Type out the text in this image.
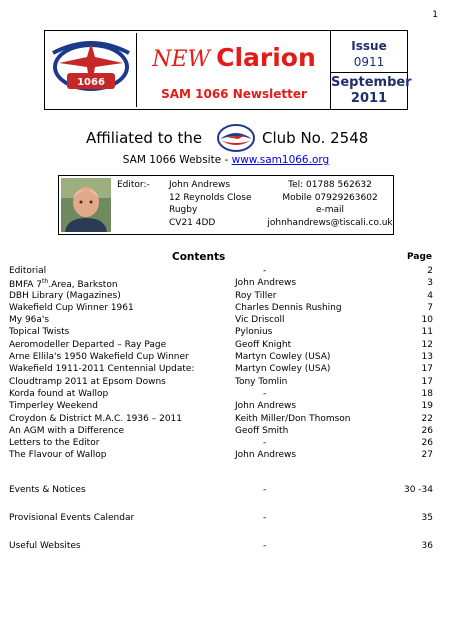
1
1066
NEW Clarion
SAM 1066 Newsletter
Issue
0911
September
2011
Affiliated to the	Club No. 2548
SAM 1066 Website - www.sam1066.org
Editor:- John Andrews
12 Reynolds Close
Rugby
CV21 4DD
Tel: 01788 562632
Mobile 07929263602
e-mail
johnhandrews@tiscali.co.uk
Contents	Page
Editorial	-	2
BMFA 7th.Area, Barkston	John Andrews	3
DBH Library (Magazines)	Roy Tiller	4
Wakefield Cup Winner 1961	Charles Dennis Rushing	7
My 96a's	Vic Driscoll	10
Topical Twists	Pylonius	11
Aeromodeller Departed – Ray Page	Geoff Knight	12
Arne Ellila's 1950 Wakefield Cup Winner	Martyn Cowley (USA)	13
Wakefield 1911-2011 Centennial Update:	Martyn Cowley (USA)	17
Cloudtramp 2011 at Epsom Downs	Tony Tomlin	17
Korda found at Wallop	-	18
Timperley Weekend	John Andrews	19
Croydon & District M.A.C. 1936 – 2011	Keith Miller/Don Thomson	22
An AGM with a Difference	Geoff Smith	26
Letters to the Editor	-	26
The Flavour of Wallop	John Andrews	27
Events & Notices	-	30 -34
Provisional Events Calendar	-	35
Useful Websites	-	36
